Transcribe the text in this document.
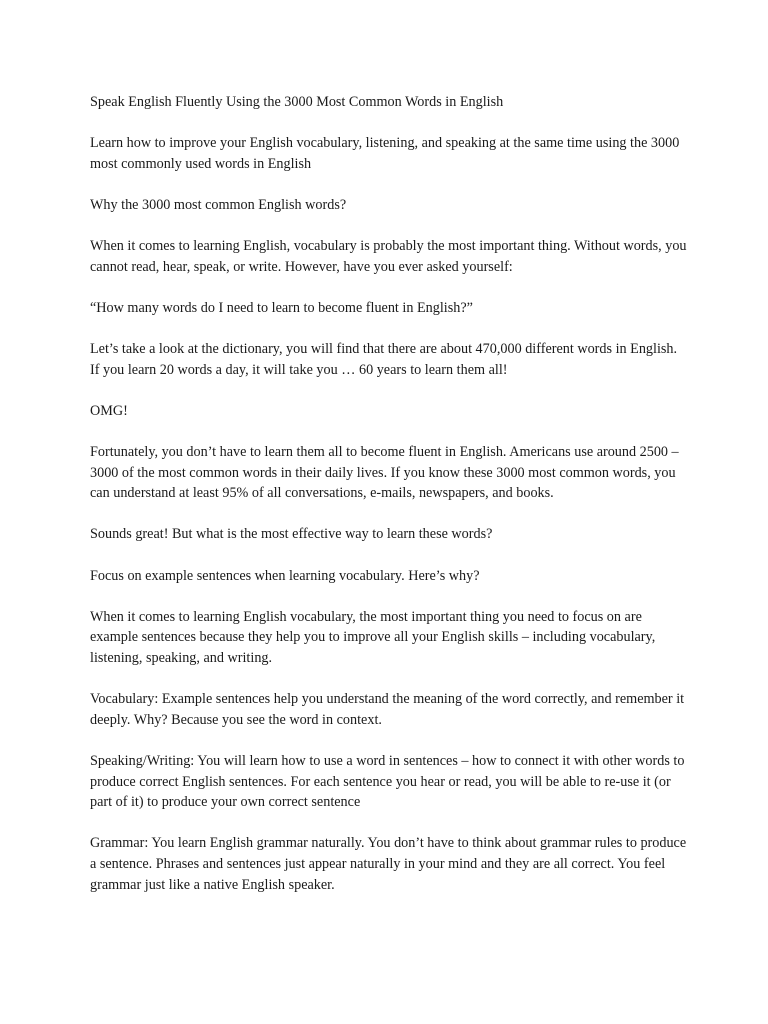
Speak English Fluently Using the 3000 Most Common Words in English

Learn how to improve your English vocabulary, listening, and speaking at the same time using the 3000 most commonly used words in English

Why the 3000 most common English words?

When it comes to learning English, vocabulary is probably the most important thing. Without words, you cannot read, hear, speak, or write. However, have you ever asked yourself:

“How many words do I need to learn to become fluent in English?”

Let’s take a look at the dictionary, you will find that there are about 470,000 different words in English. If you learn 20 words a day, it will take you … 60 years to learn them all!

OMG!

Fortunately, you don’t have to learn them all to become fluent in English. Americans use around 2500 – 3000 of the most common words in their daily lives. If you know these 3000 most common words, you can understand at least 95% of all conversations, e-mails, newspapers, and books.

Sounds great! But what is the most effective way to learn these words?

Focus on example sentences when learning vocabulary. Here’s why?

When it comes to learning English vocabulary, the most important thing you need to focus on are example sentences because they help you to improve all your English skills – including vocabulary, listening, speaking, and writing.

Vocabulary: Example sentences help you understand the meaning of the word correctly, and remember it deeply. Why? Because you see the word in context.

Speaking/Writing: You will learn how to use a word in sentences – how to connect it with other words to produce correct English sentences. For each sentence you hear or read, you will be able to re-use it (or part of it) to produce your own correct sentence

Grammar: You learn English grammar naturally. You don’t have to think about grammar rules to produce a sentence. Phrases and sentences just appear naturally in your mind and they are all correct. You feel grammar just like a native English speaker.
